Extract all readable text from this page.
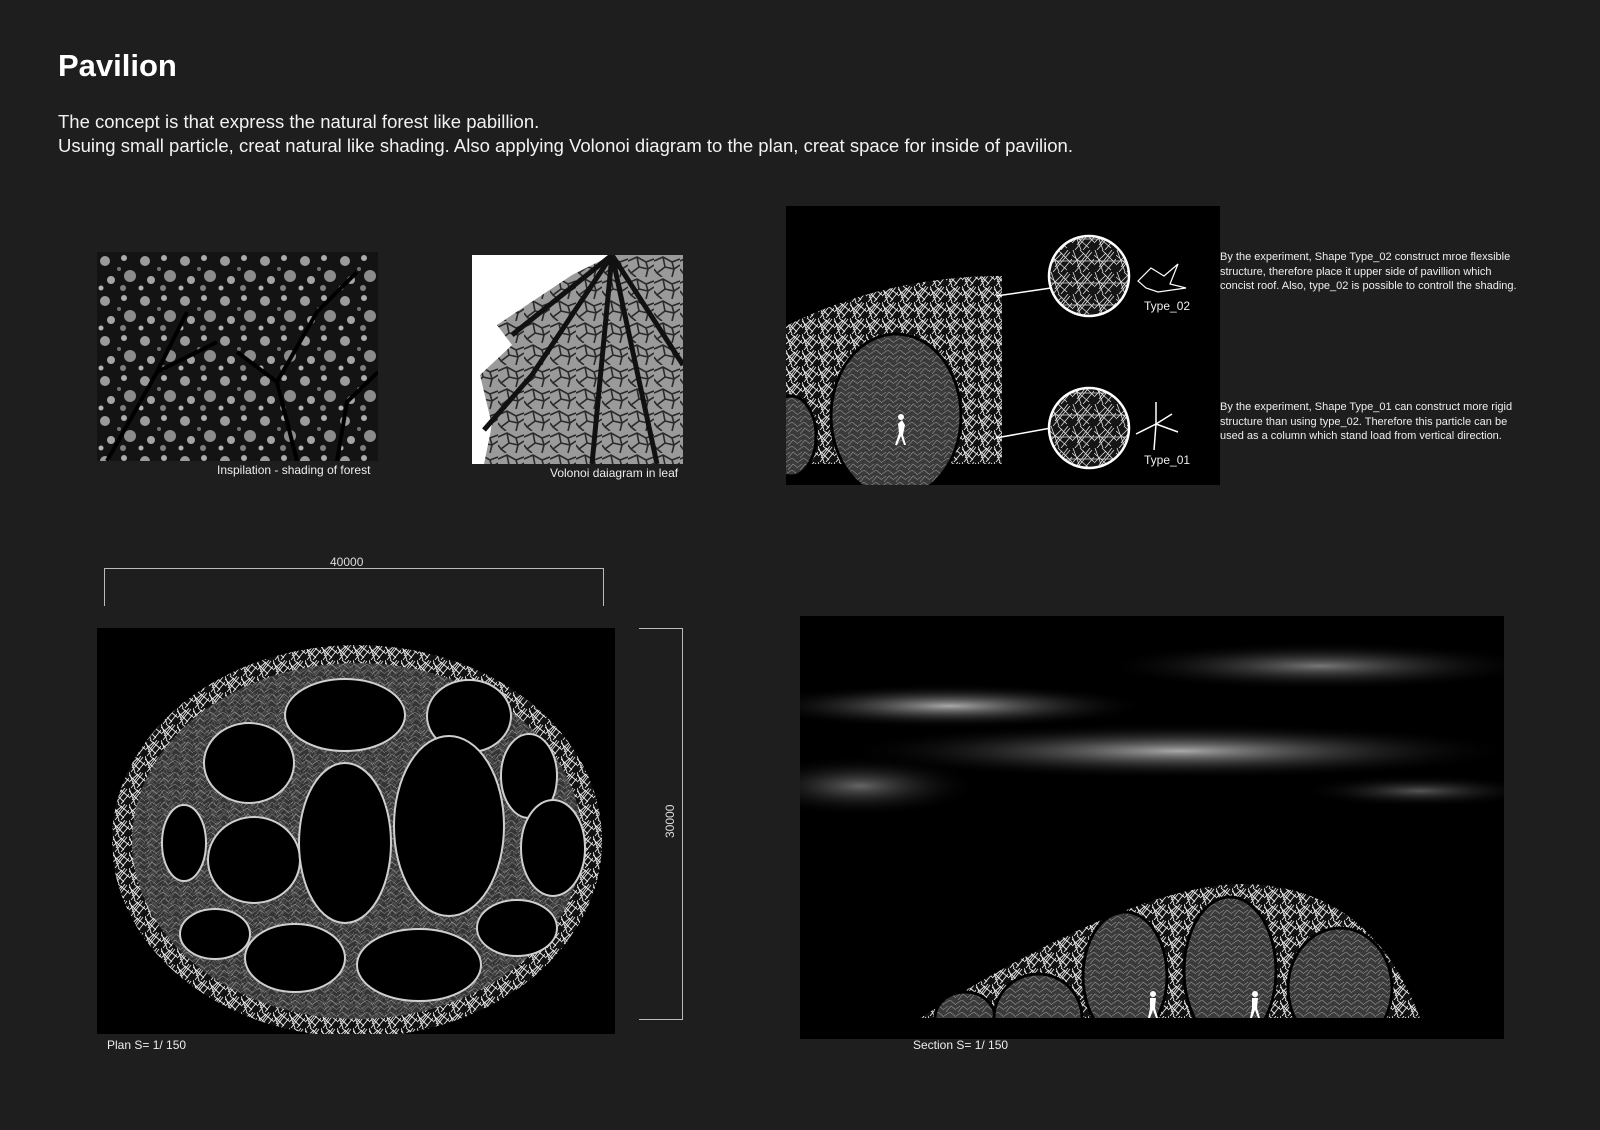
Pavilion
The concept is that express the natural forest like pabillion.
Usuing small particle, creat natural like shading. Also applying Volonoi diagram to the plan, creat space for inside of pavilion.
Inspilation - shading of forest	Volonoi daiagram in leaf
Type_02
Type_01
By the experiment, Shape Type_02 construct mroe flexsible structure, therefore place it upper side of pavillion which concist roof. Also, type_02 is possible to controll the shading.
By the experiment, Shape Type_01 can construct more rigid structure than using type_02. Therefore this particle can be used as a column which stand load from vertical direction.
40000
30000
Plan S= 1/ 150	Section S= 1/ 150
